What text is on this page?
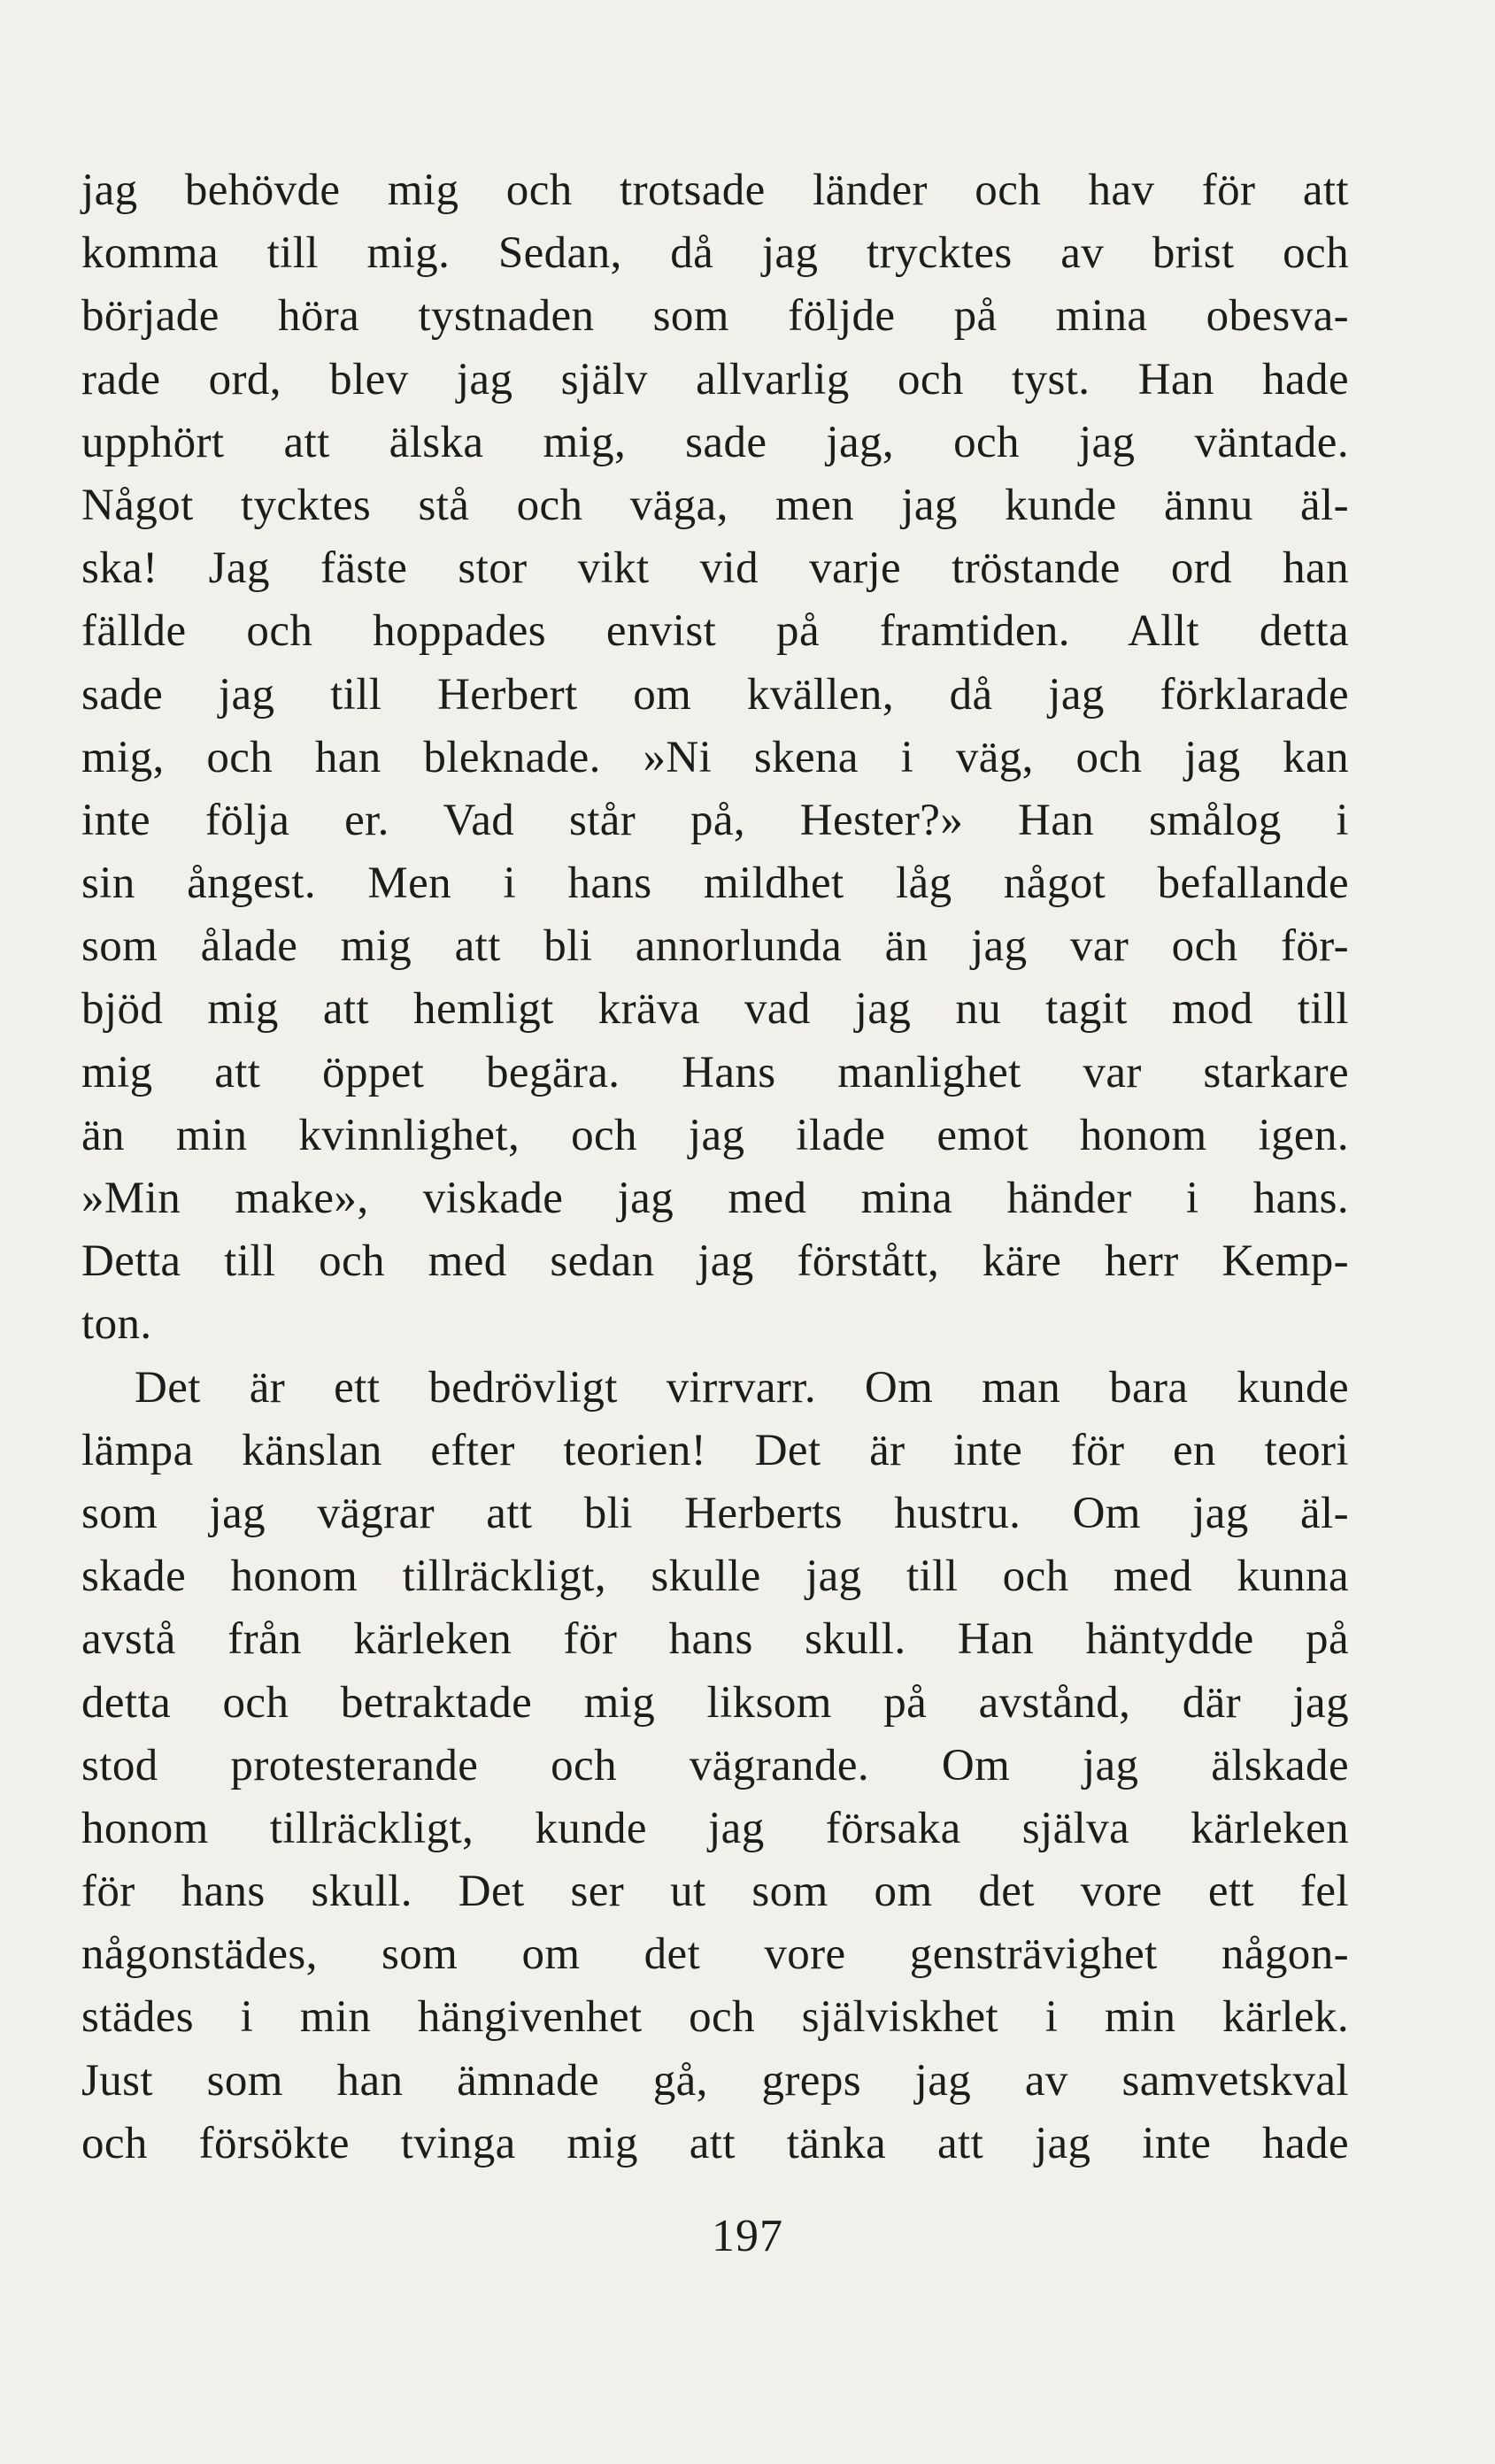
jag behövde mig och trotsade länder och hav för att
komma till mig. Sedan, då jag trycktes av brist och
började höra tystnaden som följde på mina obesva-
rade ord, blev jag själv allvarlig och tyst. Han hade
upphört att älska mig, sade jag, och jag väntade.
Något tycktes stå och väga, men jag kunde ännu äl-
ska! Jag fäste stor vikt vid varje tröstande ord han
fällde och hoppades envist på framtiden. Allt detta
sade jag till Herbert om kvällen, då jag förklarade
mig, och han bleknade. »Ni skena i väg, och jag kan
inte följa er. Vad står på, Hester?» Han smålog i
sin ångest. Men i hans mildhet låg något befallande
som ålade mig att bli annorlunda än jag var och för-
bjöd mig att hemligt kräva vad jag nu tagit mod till
mig att öppet begära. Hans manlighet var starkare
än min kvinnlighet, och jag ilade emot honom igen.
»Min make», viskade jag med mina händer i hans.
Detta till och med sedan jag förstått, käre herr Kemp-
ton.
Det är ett bedrövligt virrvarr. Om man bara kunde
lämpa känslan efter teorien! Det är inte för en teori
som jag vägrar att bli Herberts hustru. Om jag äl-
skade honom tillräckligt, skulle jag till och med kunna
avstå från kärleken för hans skull. Han häntydde på
detta och betraktade mig liksom på avstånd, där jag
stod protesterande och vägrande. Om jag älskade
honom tillräckligt, kunde jag försaka själva kärleken
för hans skull. Det ser ut som om det vore ett fel
någonstädes, som om det vore gensträvighet någon-
städes i min hängivenhet och själviskhet i min kärlek.
Just som han ämnade gå, greps jag av samvetskval
och försökte tvinga mig att tänka att jag inte hade
197
